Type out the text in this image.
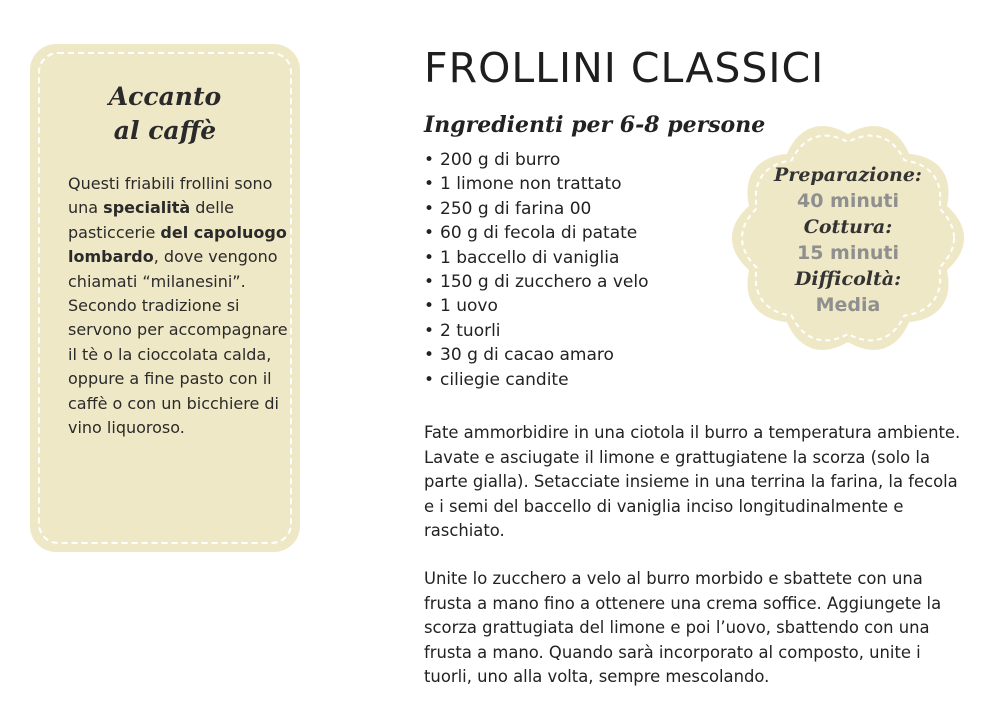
Accanto
al caffè
Questi friabili frollini sono una specialità delle pasticcerie del capoluogo lombardo, dove vengono chiamati “milanesini”. Secondo tradizione si servono per accompagnare il tè o la cioccolata calda, oppure a fine pasto con il caffè o con un bicchiere di vino liquoroso.
FROLLINI CLASSICI
Ingredienti per 6-8 persone
• 200 g di burro
• 1 limone non trattato
• 250 g di farina 00
• 60 g di fecola di patate
• 1 baccello di vaniglia
• 150 g di zucchero a velo
• 1 uovo
• 2 tuorli
• 30 g di cacao amaro
• ciliegie candite
Preparazione:
40 minuti
Cottura:
15 minuti
Difficoltà:
Media

Fate ammorbidire in una ciotola il burro a temperatura ambiente. Lavate e asciugate il limone e grattugiatene la scorza (solo la parte gialla). Setacciate insieme in una terrina la farina, la fecola e i semi del baccello di vaniglia inciso longitudinalmente e raschiato.

Unite lo zucchero a velo al burro morbido e sbattete con una frusta a mano fino a ottenere una crema soffice. Aggiungete la scorza grattugiata del limone e poi l’uovo, sbattendo con una frusta a mano. Quando sarà incorporato al composto, unite i tuorli, uno alla volta, sempre mescolando.
